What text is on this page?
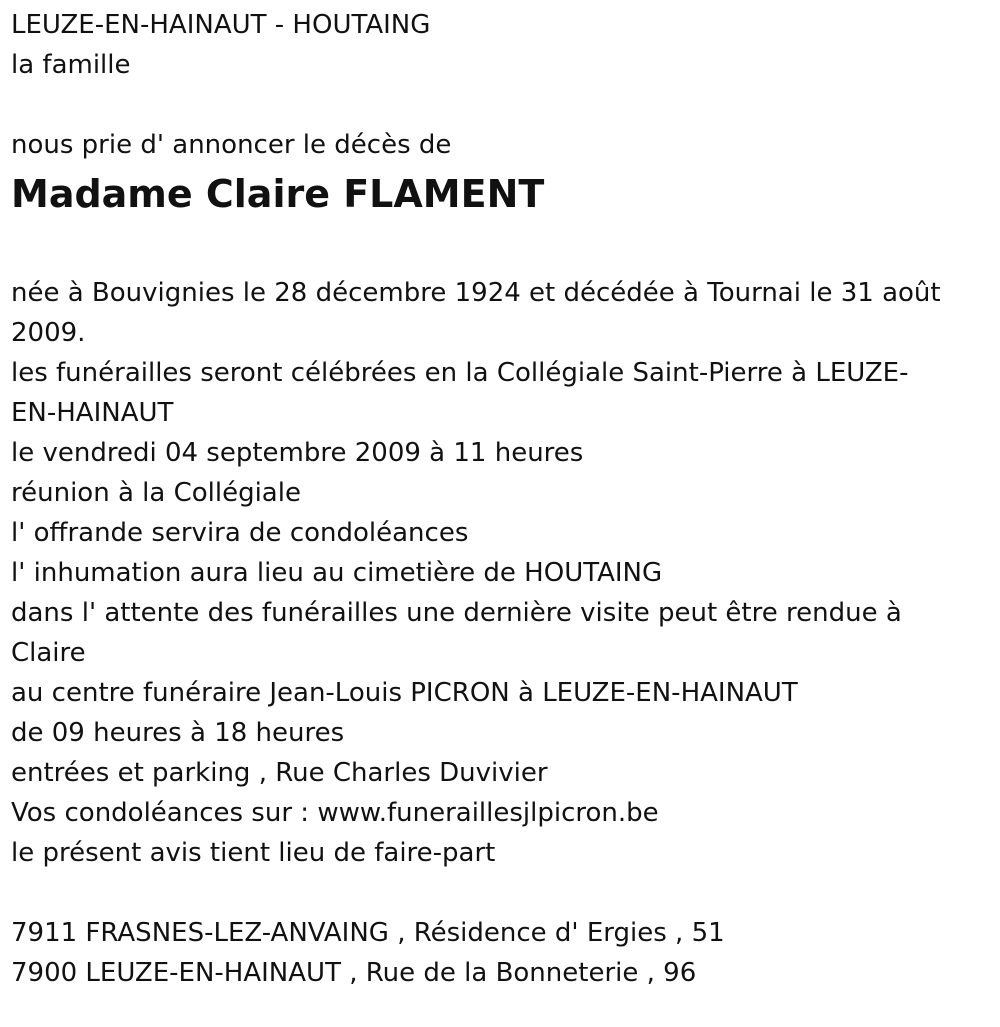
LEUZE-EN-HAINAUT - HOUTAING
la famille
nous prie d' annoncer le décès de
Madame Claire FLAMENT
née à Bouvignies le 28 décembre 1924 et décédée à Tournai le 31 août
2009.
les funérailles seront célébrées en la Collégiale Saint-Pierre à LEUZE-
EN-HAINAUT
le vendredi 04 septembre 2009 à 11 heures
réunion à la Collégiale
l' offrande servira de condoléances
l' inhumation aura lieu au cimetière de HOUTAING
dans l' attente des funérailles une dernière visite peut être rendue à
Claire
au centre funéraire Jean-Louis PICRON à LEUZE-EN-HAINAUT
de 09 heures à 18 heures
entrées et parking , Rue Charles Duvivier
Vos condoléances sur : www.funeraillesjlpicron.be
le présent avis tient lieu de faire-part
7911 FRASNES-LEZ-ANVAING , Résidence d' Ergies , 51
7900 LEUZE-EN-HAINAUT , Rue de la Bonneterie , 96
